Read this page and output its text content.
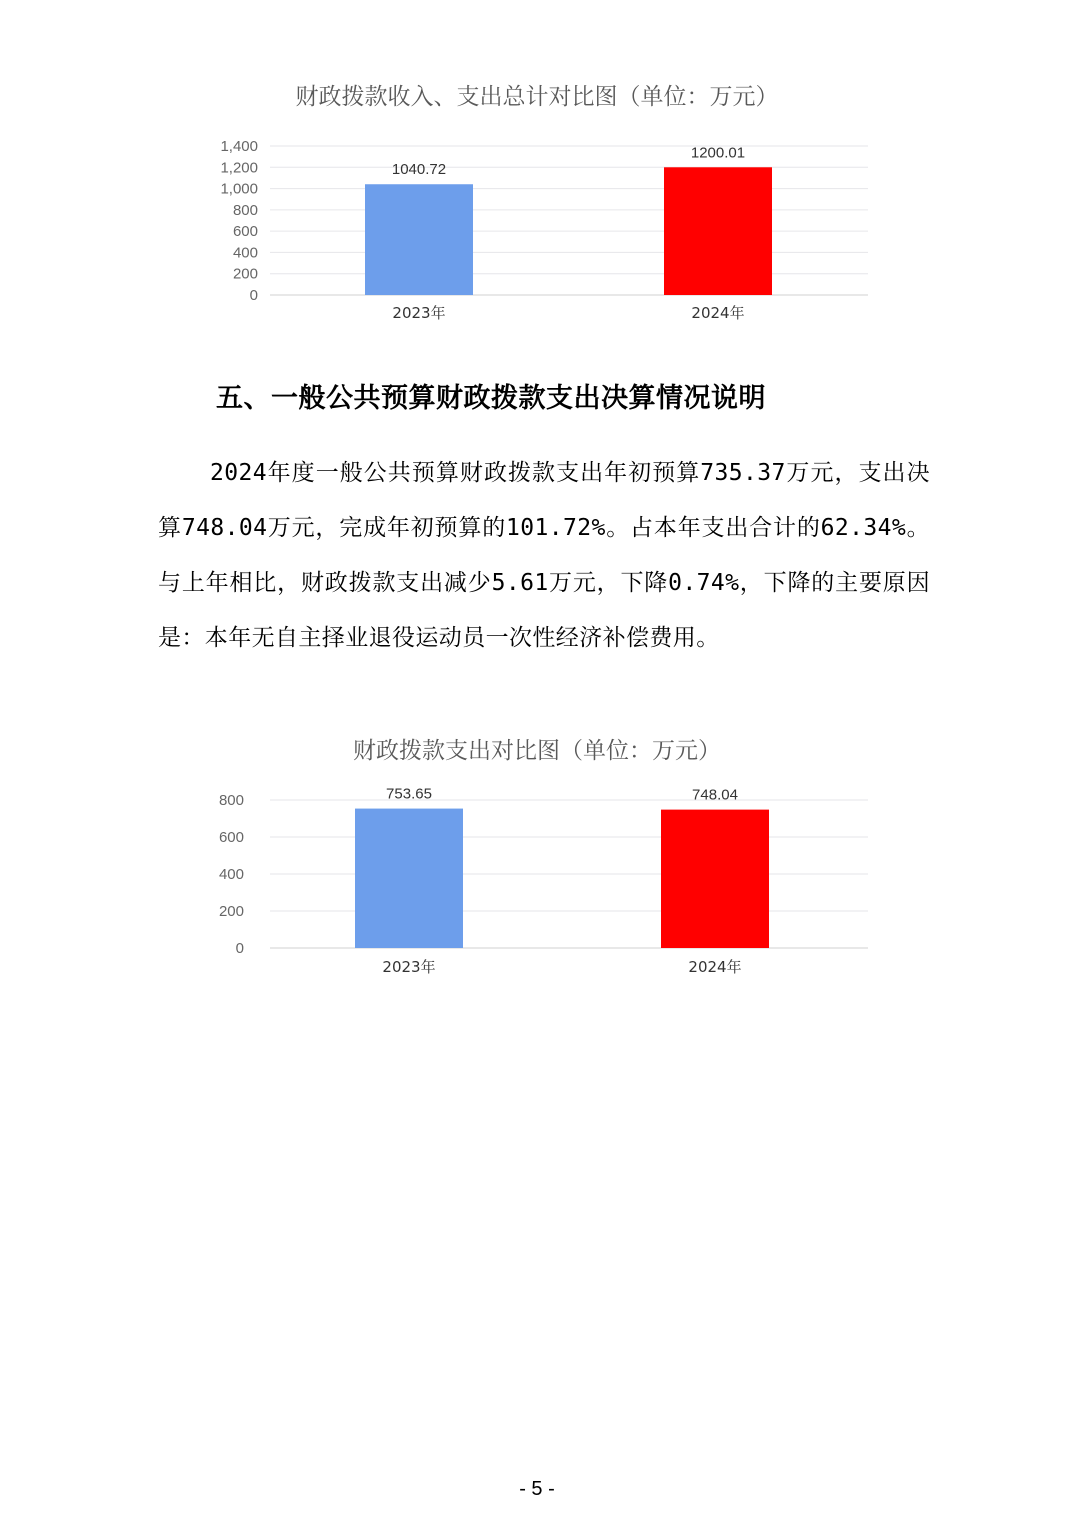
财政拨款收入、支出总计对比图（单位：万元）
0
200
400
600
800
1,000
1,200
1,400
1040.72
2023年
1200.01
2024年
五、一般公共预算财政拨款支出决算情况说明
2024年度一般公共预算财政拨款支出年初预算735.37万元，支出决算748.04万元，完成年初预算的101.72%。占本年支出合计的62.34%。与上年相比，财政拨款支出减少5.61万元，下降0.74%，下降的主要原因是：本年无自主择业退役运动员一次性经济补偿费用。
财政拨款支出对比图（单位：万元）
0
200
400
600
800	753.65
2023年
748.04
2024年
- 5 -
